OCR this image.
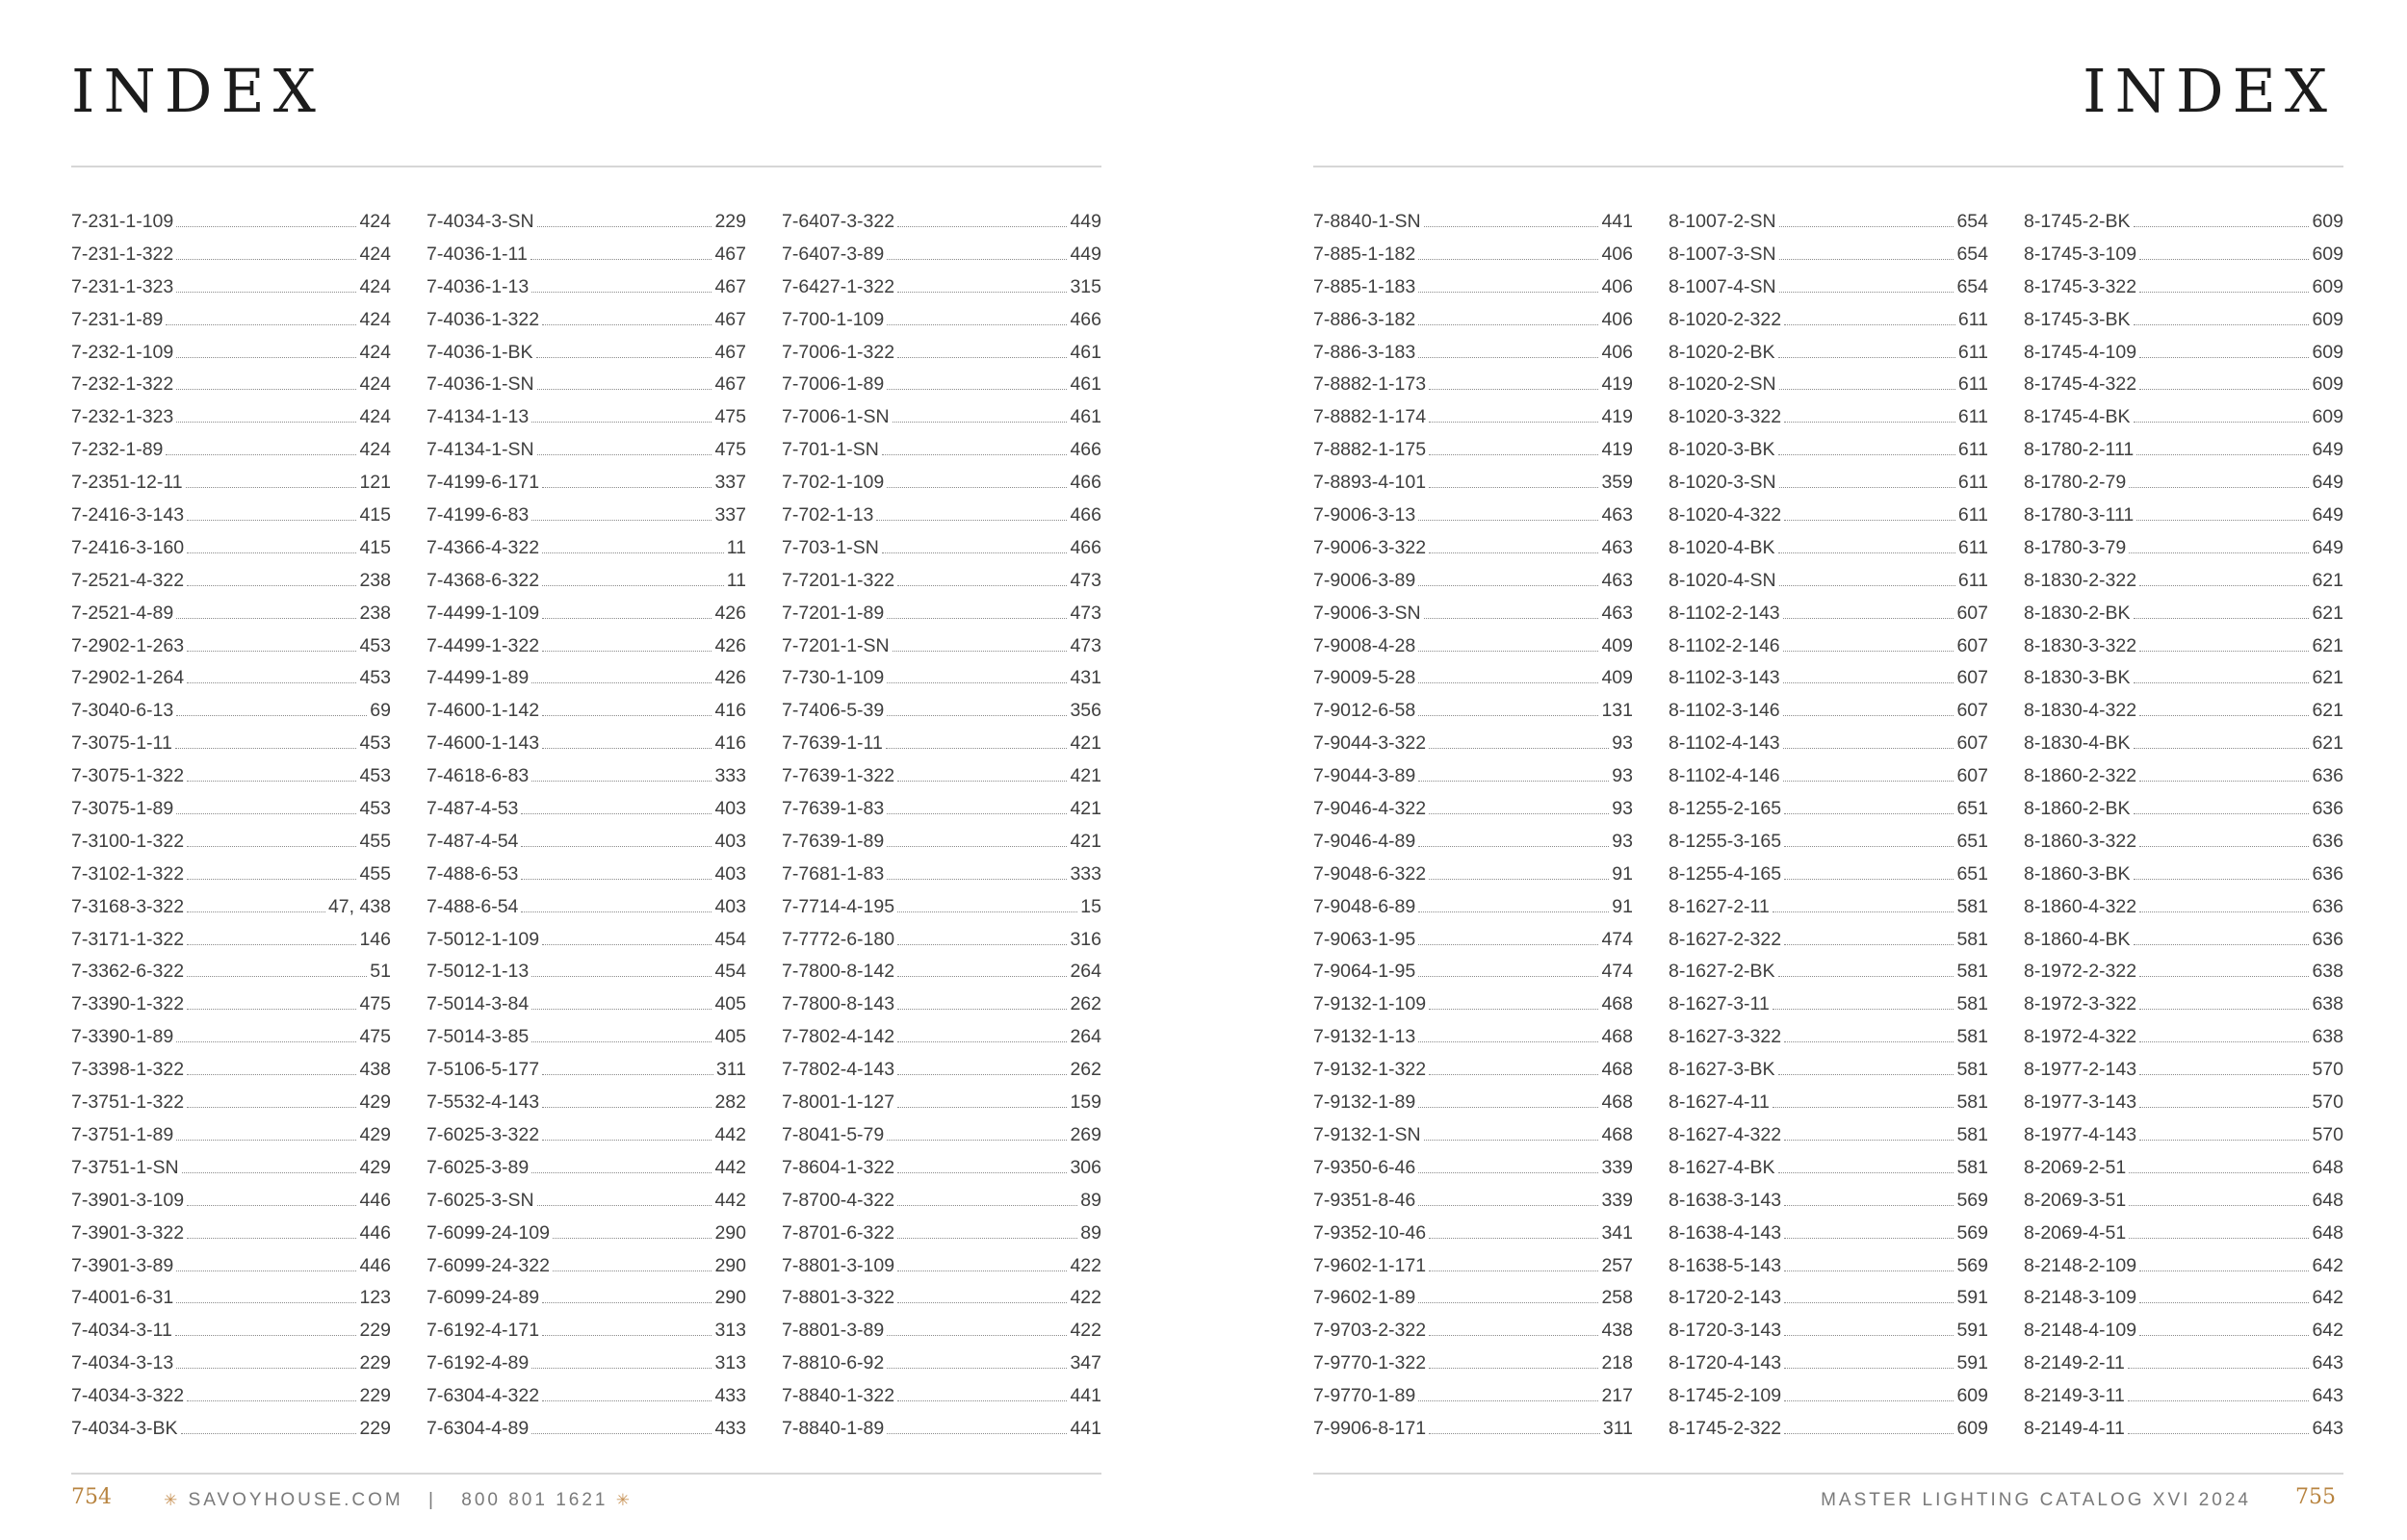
INDEX
7-231-1-109	424
7-231-1-322	424
7-231-1-323	424
7-231-1-89	424
7-232-1-109	424
7-232-1-322	424
7-232-1-323	424
7-232-1-89	424
7-2351-12-11	121
7-2416-3-143	415
7-2416-3-160	415
7-2521-4-322	238
7-2521-4-89	238
7-2902-1-263	453
7-2902-1-264	453
7-3040-6-13	69
7-3075-1-11	453
7-3075-1-322	453
7-3075-1-89	453
7-3100-1-322	455
7-3102-1-322	455
7-3168-3-322	47, 438
7-3171-1-322	146
7-3362-6-322	51
7-3390-1-322	475
7-3390-1-89	475
7-3398-1-322	438
7-3751-1-322	429
7-3751-1-89	429
7-3751-1-SN	429
7-3901-3-109	446
7-3901-3-322	446
7-3901-3-89	446
7-4001-6-31	123
7-4034-3-11	229
7-4034-3-13	229
7-4034-3-322	229
7-4034-3-BK	229
7-4034-3-SN	229
7-4036-1-11	467
7-4036-1-13	467
7-4036-1-322	467
7-4036-1-BK	467
7-4036-1-SN	467
7-4134-1-13	475
7-4134-1-SN	475
7-4199-6-171	337
7-4199-6-83	337
7-4366-4-322	11
7-4368-6-322	11
7-4499-1-109	426
7-4499-1-322	426
7-4499-1-89	426
7-4600-1-142	416
7-4600-1-143	416
7-4618-6-83	333
7-487-4-53	403
7-487-4-54	403
7-488-6-53	403
7-488-6-54	403
7-5012-1-109	454
7-5012-1-13	454
7-5014-3-84	405
7-5014-3-85	405
7-5106-5-177	311
7-5532-4-143	282
7-6025-3-322	442
7-6025-3-89	442
7-6025-3-SN	442
7-6099-24-109	290
7-6099-24-322	290
7-6099-24-89	290
7-6192-4-171	313
7-6192-4-89	313
7-6304-4-322	433
7-6304-4-89	433
7-6407-3-322	449
7-6407-3-89	449
7-6427-1-322	315
7-700-1-109	466
7-7006-1-322	461
7-7006-1-89	461
7-7006-1-SN	461
7-701-1-SN	466
7-702-1-109	466
7-702-1-13	466
7-703-1-SN	466
7-7201-1-322	473
7-7201-1-89	473
7-7201-1-SN	473
7-730-1-109	431
7-7406-5-39	356
7-7639-1-11	421
7-7639-1-322	421
7-7639-1-83	421
7-7639-1-89	421
7-7681-1-83	333
7-7714-4-195	15
7-7772-6-180	316
7-7800-8-142	264
7-7800-8-143	262
7-7802-4-142	264
7-7802-4-143	262
7-8001-1-127	159
7-8041-5-79	269
7-8604-1-322	306
7-8700-4-322	89
7-8701-6-322	89
7-8801-3-109	422
7-8801-3-322	422
7-8801-3-89	422
7-8810-6-92	347
7-8840-1-322	441
7-8840-1-89	441
754	✳ SAVOYHOUSE.COM | 800 801 1621 ✳
INDEX
7-8840-1-SN	441
7-885-1-182	406
7-885-1-183	406
7-886-3-182	406
7-886-3-183	406
7-8882-1-173	419
7-8882-1-174	419
7-8882-1-175	419
7-8893-4-101	359
7-9006-3-13	463
7-9006-3-322	463
7-9006-3-89	463
7-9006-3-SN	463
7-9008-4-28	409
7-9009-5-28	409
7-9012-6-58	131
7-9044-3-322	93
7-9044-3-89	93
7-9046-4-322	93
7-9046-4-89	93
7-9048-6-322	91
7-9048-6-89	91
7-9063-1-95	474
7-9064-1-95	474
7-9132-1-109	468
7-9132-1-13	468
7-9132-1-322	468
7-9132-1-89	468
7-9132-1-SN	468
7-9350-6-46	339
7-9351-8-46	339
7-9352-10-46	341
7-9602-1-171	257
7-9602-1-89	258
7-9703-2-322	438
7-9770-1-322	218
7-9770-1-89	217
7-9906-8-171	311
8-1007-2-SN	654
8-1007-3-SN	654
8-1007-4-SN	654
8-1020-2-322	611
8-1020-2-BK	611
8-1020-2-SN	611
8-1020-3-322	611
8-1020-3-BK	611
8-1020-3-SN	611
8-1020-4-322	611
8-1020-4-BK	611
8-1020-4-SN	611
8-1102-2-143	607
8-1102-2-146	607
8-1102-3-143	607
8-1102-3-146	607
8-1102-4-143	607
8-1102-4-146	607
8-1255-2-165	651
8-1255-3-165	651
8-1255-4-165	651
8-1627-2-11	581
8-1627-2-322	581
8-1627-2-BK	581
8-1627-3-11	581
8-1627-3-322	581
8-1627-3-BK	581
8-1627-4-11	581
8-1627-4-322	581
8-1627-4-BK	581
8-1638-3-143	569
8-1638-4-143	569
8-1638-5-143	569
8-1720-2-143	591
8-1720-3-143	591
8-1720-4-143	591
8-1745-2-109	609
8-1745-2-322	609
8-1745-2-BK	609
8-1745-3-109	609
8-1745-3-322	609
8-1745-3-BK	609
8-1745-4-109	609
8-1745-4-322	609
8-1745-4-BK	609
8-1780-2-111	649
8-1780-2-79	649
8-1780-3-111	649
8-1780-3-79	649
8-1830-2-322	621
8-1830-2-BK	621
8-1830-3-322	621
8-1830-3-BK	621
8-1830-4-322	621
8-1830-4-BK	621
8-1860-2-322	636
8-1860-2-BK	636
8-1860-3-322	636
8-1860-3-BK	636
8-1860-4-322	636
8-1860-4-BK	636
8-1972-2-322	638
8-1972-3-322	638
8-1972-4-322	638
8-1977-2-143	570
8-1977-3-143	570
8-1977-4-143	570
8-2069-2-51	648
8-2069-3-51	648
8-2069-4-51	648
8-2148-2-109	642
8-2148-3-109	642
8-2148-4-109	642
8-2149-2-11	643
8-2149-3-11	643
8-2149-4-11	643
MASTER LIGHTING CATALOG XVI 2024 755
